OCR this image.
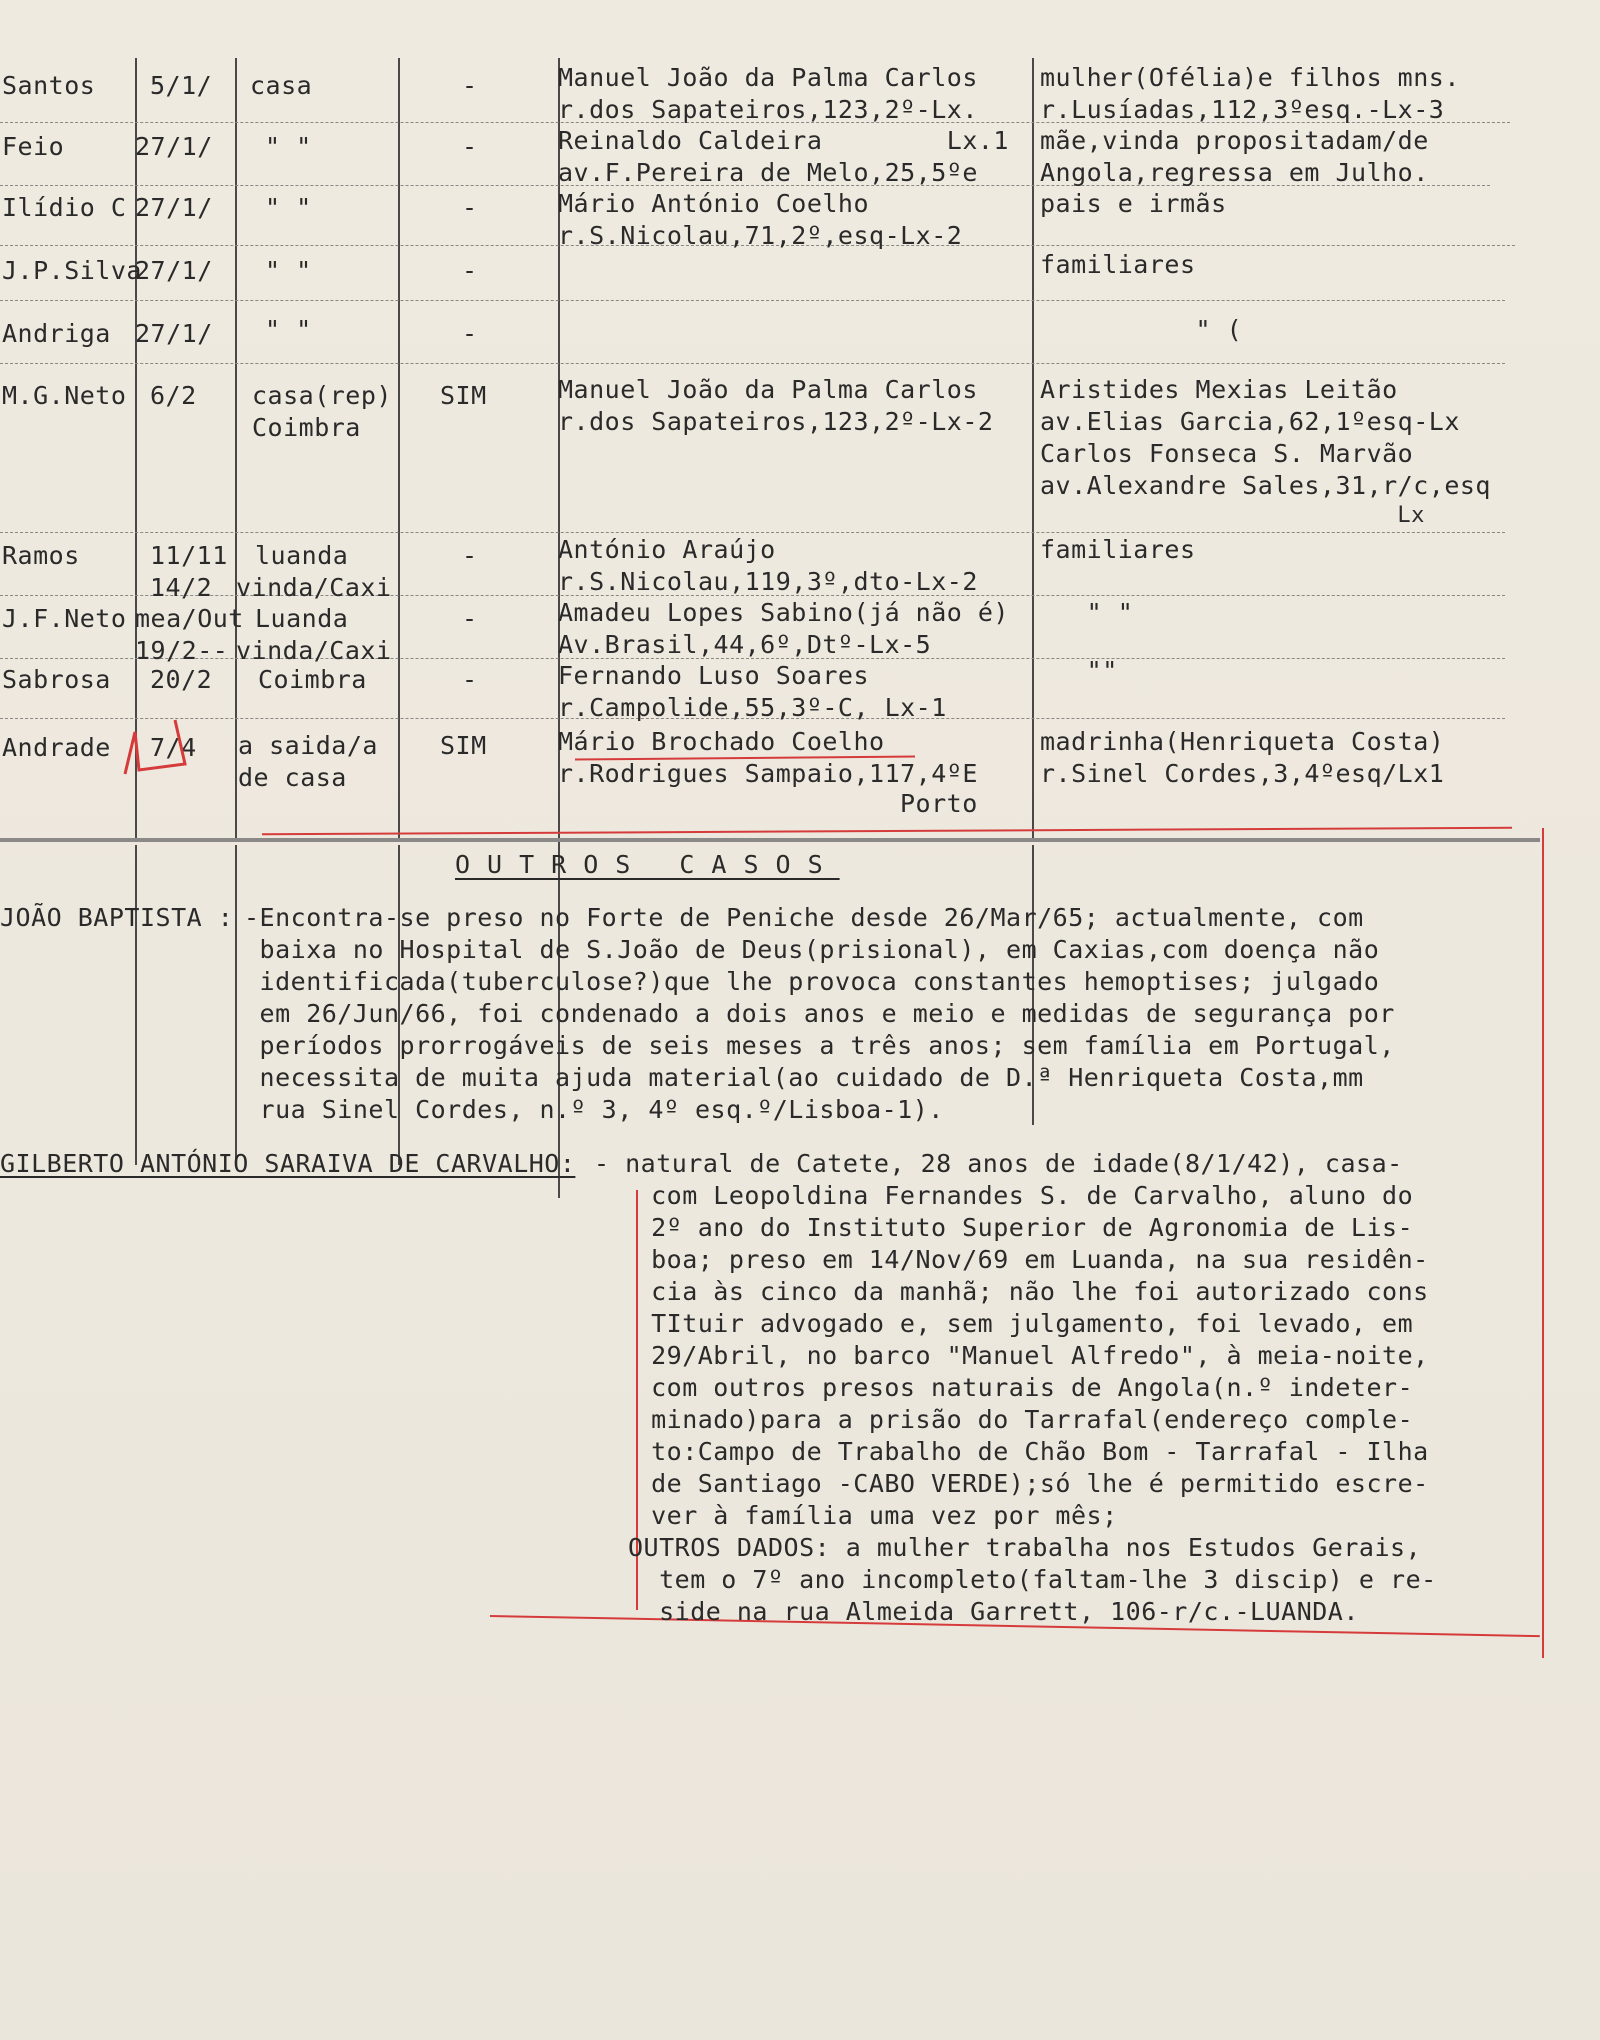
Santos 5/1/ casa	-	Manuel João da Palma Carlos
r.dos Sapateiros,123,2º-Lx.
mulher(Ofélia)e filhos mns.
r.Lusíadas,112,3ºesq.-Lx-3
Feio	27/1/ " "	-	Reinaldo Caldeira        Lx.1
av.F.Pereira de Melo,25,5ºe
mãe,vinda propositadam/de
Angola,regressa em Julho.
Ilídio C 27/1/ " "	-	Mário António Coelho
r.S.Nicolau,71,2º,esq-Lx-2
pais e irmãs
J.P.Silva
27/1/ " "	-	familiares
Andriga 27/1/ " "	-	" (
M.G.Neto 6/2 casa(rep)
Coimbra
SIM	Manuel João da Palma Carlos
r.dos Sapateiros,123,2º-Lx-2
Aristides Mexias Leitão
av.Elias Garcia,62,1ºesq-Lx
Carlos Fonseca S. Marvão
av.Alexandre Sales,31,r/c,esq
Lx
Ramos	11/11
14/2
luanda
vinda/Caxi
-	António Araújo
r.S.Nicolau,119,3º,dto-Lx-2
familiares
J.F.Neto mea/Out
19/2--
Luanda
vinda/Caxi
-	Amadeu Lopes Sabino(já não é)
Av.Brasil,44,6º,Dtº-Lx-5
" "
Sabrosa 20/2 Coimbra	-	Fernando Luso Soares
r.Campolide,55,3º-C, Lx-1
""
Andrade 7/4 a saida/a
de casa
SIM	Mário Brochado Coelho
r.Rodrigues Sampaio,117,4ºE
Porto
madrinha(Henriqueta Costa)
r.Sinel Cordes,3,4ºesq/Lx1
OUTROS CASOS
JOÃO BAPTISTA : -Encontra-se preso no Forte de Peniche desde 26/Mar/65; actualmente, com
baixa no Hospital de S.João de Deus(prisional), em Caxias,com doença não
identificada(tuberculose?)que lhe provoca constantes hemoptises; julgado
em 26/Jun/66, foi condenado a dois anos e meio e medidas de segurança por
períodos prorrogáveis de seis meses a três anos; sem família em Portugal,
necessita de muita ajuda material(ao cuidado de D.ª Henriqueta Costa,mm
rua Sinel Cordes, n.º 3, 4º esq.º/Lisboa-1).
GILBERTO ANTÓNIO SARAIVA DE CARVALHO: - natural de Catete, 28 anos de idade(8/1/42), casa-
com Leopoldina Fernandes S. de Carvalho, aluno do
2º ano do Instituto Superior de Agronomia de Lis-
boa; preso em 14/Nov/69 em Luanda, na sua residên-
cia às cinco da manhã; não lhe foi autorizado cons
TItuir advogado e, sem julgamento, foi levado, em
29/Abril, no barco "Manuel Alfredo", à meia-noite,
com outros presos naturais de Angola(n.º indeter-
minado)para a prisão do Tarrafal(endereço comple-
to:Campo de Trabalho de Chão Bom - Tarrafal - Ilha
de Santiago -CABO VERDE);só lhe é permitido escre-
ver à família uma vez por mês;
OUTROS DADOS: a mulher trabalha nos Estudos Gerais,
tem o 7º ano incompleto(faltam-lhe 3 discip) e re-
side na rua Almeida Garrett, 106-r/c.-LUANDA.
